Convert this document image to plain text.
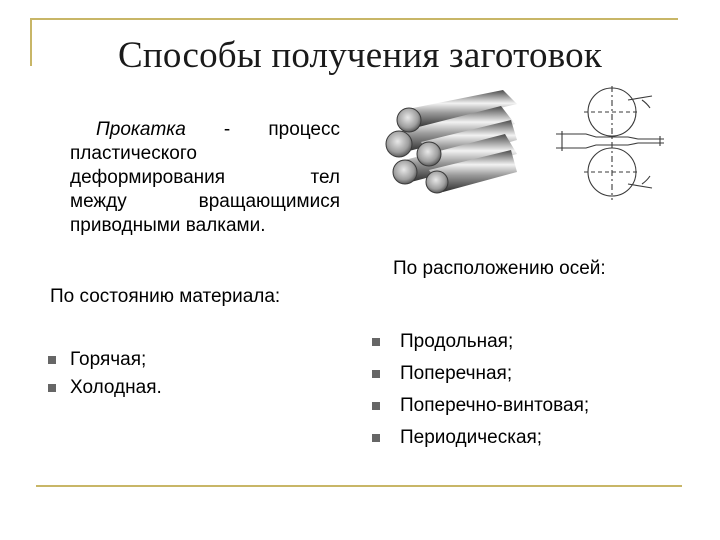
Способы получения заготовок
Прокатка - процесс
пластического
деформирования тел
между вращающимися
приводными валками.
По расположению осей:
По состоянию материала:
Горячая;
Холодная.
Продольная;
Поперечная;
Поперечно-винтовая;
Периодическая;
